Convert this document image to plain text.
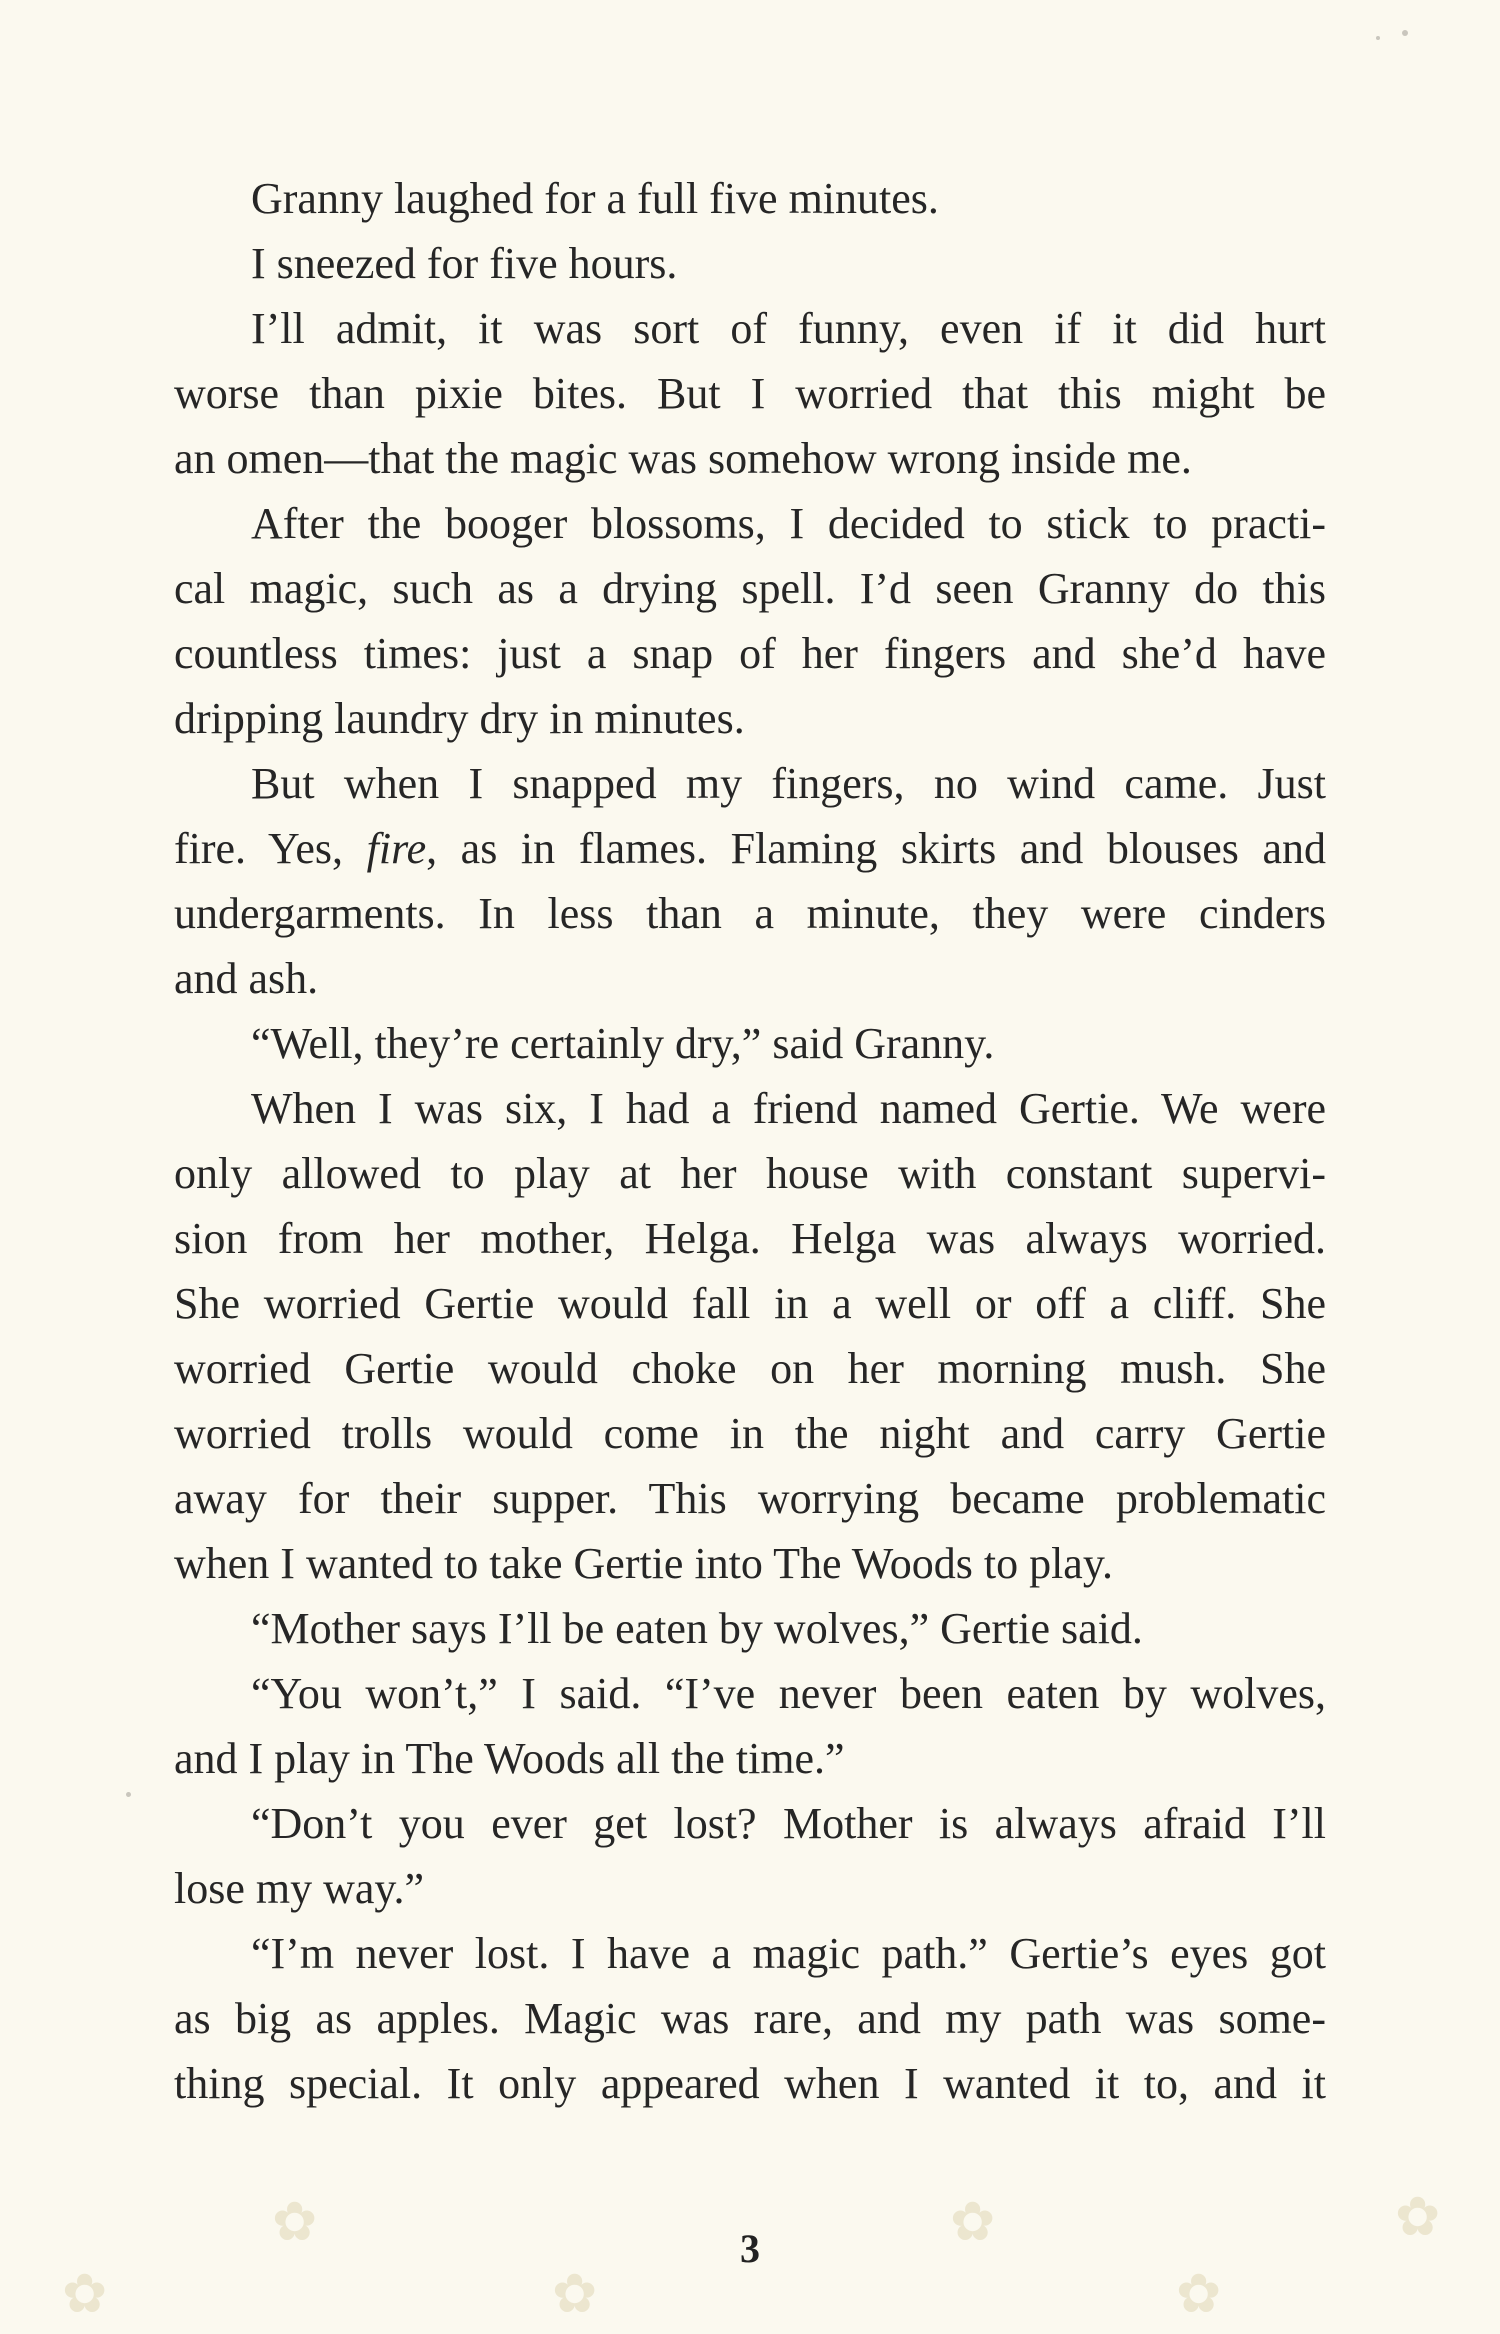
Granny laughed for a full five minutes.
I sneezed for five hours.
I’ll admit, it was sort of funny, even if it did hurt
worse than pixie bites. But I worried that this might be
an omen—that the magic was somehow wrong inside me.
After the booger blossoms, I decided to stick to practi-
cal magic, such as a drying spell. I’d seen Granny do this
countless times: just a snap of her fingers and she’d have
dripping laundry dry in minutes.
But when I snapped my fingers, no wind came. Just
fire. Yes, fire, as in flames. Flaming skirts and blouses and
undergarments. In less than a minute, they were cinders
and ash.
“Well, they’re certainly dry,” said Granny.
When I was six, I had a friend named Gertie. We were
only allowed to play at her house with constant supervi-
sion from her mother, Helga. Helga was always worried.
She worried Gertie would fall in a well or off a cliff. She
worried Gertie would choke on her morning mush. She
worried trolls would come in the night and carry Gertie
away for their supper. This worrying became problematic
when I wanted to take Gertie into The Woods to play.
“Mother says I’ll be eaten by wolves,” Gertie said.
“You won’t,” I said. “I’ve never been eaten by wolves,
and I play in The Woods all the time.”
“Don’t you ever get lost? Mother is always afraid I’ll
lose my way.”
“I’m never lost. I have a magic path.” Gertie’s eyes got
as big as apples. Magic was rare, and my path was some-
thing special. It only appeared when I wanted it to, and it
✿	✿	✿
✿	✿	✿
3
